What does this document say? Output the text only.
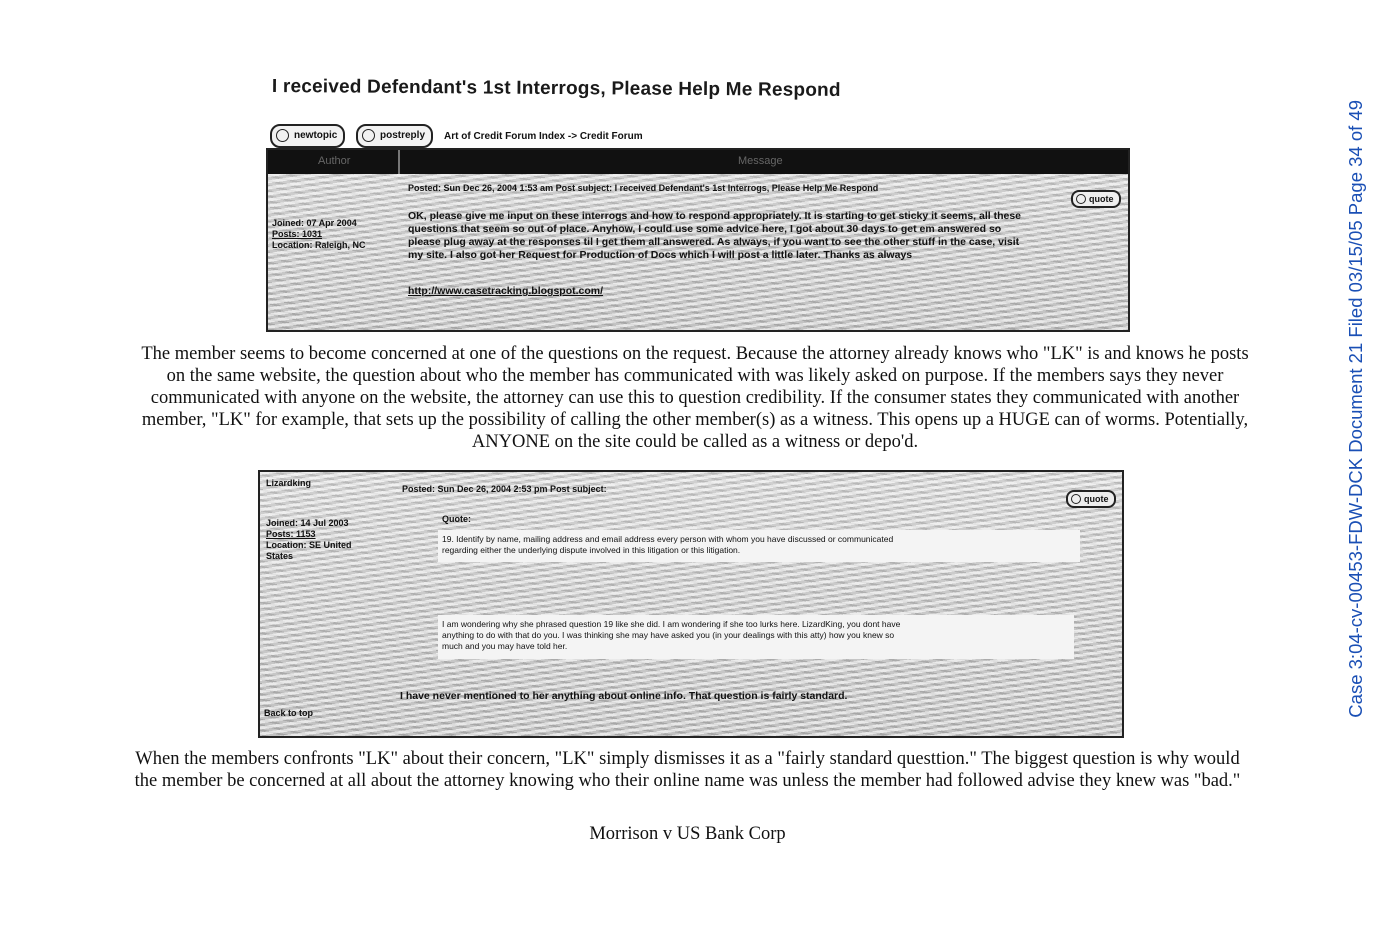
I received Defendant's 1st Interrogs, Please Help Me Respond
newtopic	postreply	Art of Credit Forum Index -> Credit Forum
Author	Message
Posted: Sun Dec 26, 2004 1:53 am Post subject: I received Defendant's 1st Interrogs, Please Help Me Respond
quote
Joined: 07 Apr 2004
Posts: 1031
Location: Raleigh, NC
OK, please give me input on these interrogs and how to respond appropriately. It is starting to get sticky it seems, all these
questions that seem so out of place. Anyhow, I could use some advice here, I got about 30 days to get em answered so
please plug away at the responses til I get them all answered. As always, if you want to see the other stuff in the case, visit
my site. I also got her Request for Production of Docs which I will post a little later. Thanks as always
http://www.casetracking.blogspot.com/
The member seems to become concerned at one of the questions on the request. Because the attorney already knows who "LK" is and knows he posts
on the same website, the question about who the member has communicated with was likely asked on purpose. If the members says they never
communicated with anyone on the website, the attorney can use this to question credibility. If the consumer states they communicated with another
member, "LK" for example, that sets up the possibility of calling the other member(s) as a witness. This opens up a HUGE can of worms. Potentially,
ANYONE on the site could be called as a witness or depo'd.
Lizardking
Posted: Sun Dec 26, 2004 2:53 pm Post subject:
quote
Joined: 14 Jul 2003
Posts: 1153
Location: SE United
States
Quote:
19. Identify by name, mailing address and email address every person with whom you have discussed or communicated
regarding either the underlying dispute involved in this litigation or this litigation.
I am wondering why she phrased question 19 like she did. I am wondering if she too lurks here. LizardKing, you dont have
anything to do with that do you. I was thinking she may have asked you (in your dealings with this atty) how you knew so
much and you may have told her.
I have never mentioned to her anything about online info. That question is fairly standard.
Back to top
When the members confronts "LK" about their concern, "LK" simply dismisses it as a "fairly standard questtion." The biggest question is why would
the member be concerned at all about the attorney knowing who their online name was unless the member had followed advise they knew was "bad."
Morrison v US Bank Corp
Case 3:04-cv-00453-FDW-DCK Document 21 Filed 03/15/05 Page 34 of 49
